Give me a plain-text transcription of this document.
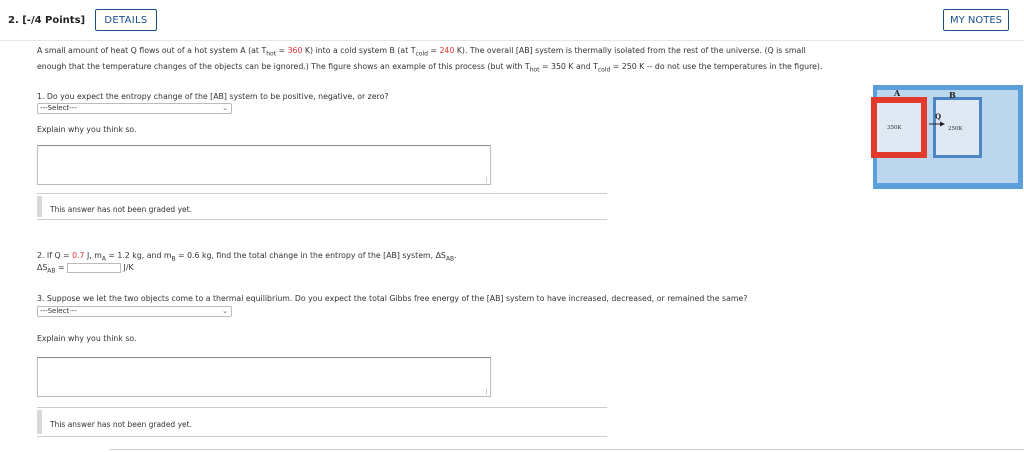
2. [-/4 Points]	DETAILS	MY NOTES
A small amount of heat Q flows out of a hot system A (at $T_{hot} = 360$ K) into a cold system B (at $T_{cold} = 240$ K). The overall [AB] system is thermally isolated from the rest of the universe. (Q is small enough that the temperature changes of the objects can be ignored.) The figure shows an example of this process (but with $T_{hot} = 350$ K and $T_{cold} = 250$ K -- do not use the temperatures in the figure).
1. Do you expect the entropy change of the [AB] system to be positive, negative, or zero?
---Select---	⌄
Explain why you think so.
∣
This answer has not been graded yet.
2. If Q = 0.7 J, $m_A = 1.2$ kg, and $m_B = 0.6$ kg, find the total change in the entropy of the [AB] system, $\Delta S_{AB}$.
$\Delta S_{AB}$ =	J/K
3. Suppose we let the two objects come to a thermal equilibrium. Do you expect the total Gibbs free energy of the [AB] system to have increased, decreased, or remained the same?
---Select---	⌄
Explain why you think so.
∣
This answer has not been graded yet.
A	B
Q
350K	250K
